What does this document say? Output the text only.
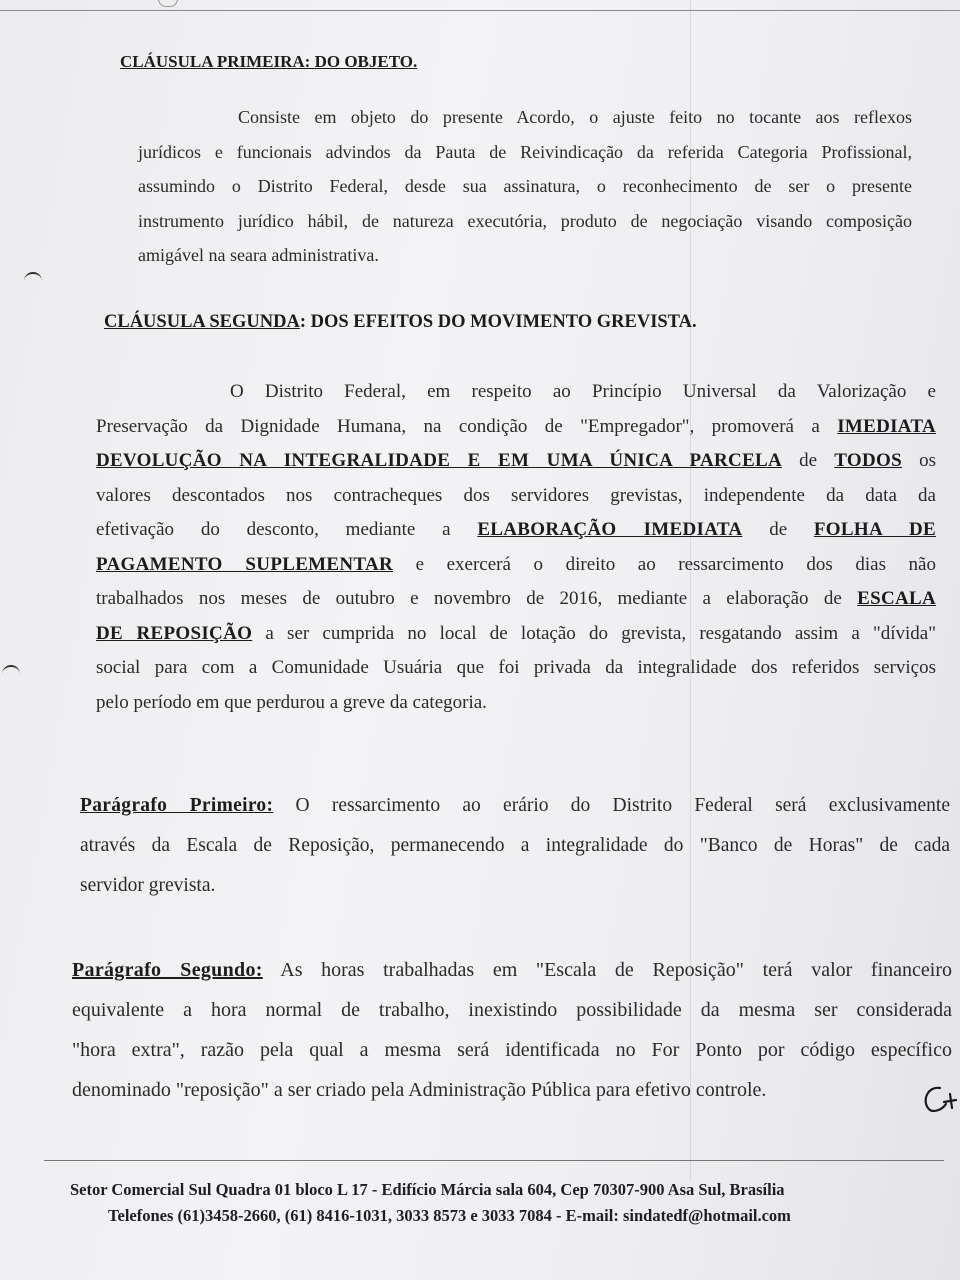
CLÁUSULA PRIMEIRA: DO OBJETO.
Consiste em objeto do presente Acordo, o ajuste feito no tocante aos reflexos
jurídicos e funcionais advindos da Pauta de Reivindicação da referida Categoria Profissional,
assumindo o Distrito Federal, desde sua assinatura, o reconhecimento de ser o presente
instrumento jurídico hábil, de natureza executória, produto de negociação visando composição
amigável na seara administrativa.
CLÁUSULA SEGUNDA: DOS EFEITOS DO MOVIMENTO GREVISTA.
O Distrito Federal, em respeito ao Princípio Universal da Valorização e
Preservação da Dignidade Humana, na condição de "Empregador", promoverá a IMEDIATA
DEVOLUÇÃO NA INTEGRALIDADE E EM UMA ÚNICA PARCELA de TODOS os
valores descontados nos contracheques dos servidores grevistas, independente da data da
efetivação do desconto, mediante a ELABORAÇÃO IMEDIATA de FOLHA DE
PAGAMENTO SUPLEMENTAR e exercerá o direito ao ressarcimento dos dias não
trabalhados nos meses de outubro e novembro de 2016, mediante a elaboração de ESCALA
DE REPOSIÇÃO a ser cumprida no local de lotação do grevista, resgatando assim a "dívida"
social para com a Comunidade Usuária que foi privada da integralidade dos referidos serviços
pelo período em que perdurou a greve da categoria.
Parágrafo Primeiro: O ressarcimento ao erário do Distrito Federal será exclusivamente
através da Escala de Reposição, permanecendo a integralidade do "Banco de Horas" de cada
servidor grevista.
Parágrafo Segundo: As horas trabalhadas em "Escala de Reposição" terá valor financeiro
equivalente a hora normal de trabalho, inexistindo possibilidade da mesma ser considerada
"hora extra", razão pela qual a mesma será identificada no For Ponto por código específico
denominado "reposição" a ser criado pela Administração Pública para efetivo controle.
Setor Comercial Sul Quadra 01 bloco L 17 - Edifício Márcia sala 604, Cep 70307-900 Asa Sul, Brasília
Telefones (61)3458-2660, (61) 8416-1031, 3033 8573 e 3033 7084 - E-mail: sindatedf@hotmail.com
